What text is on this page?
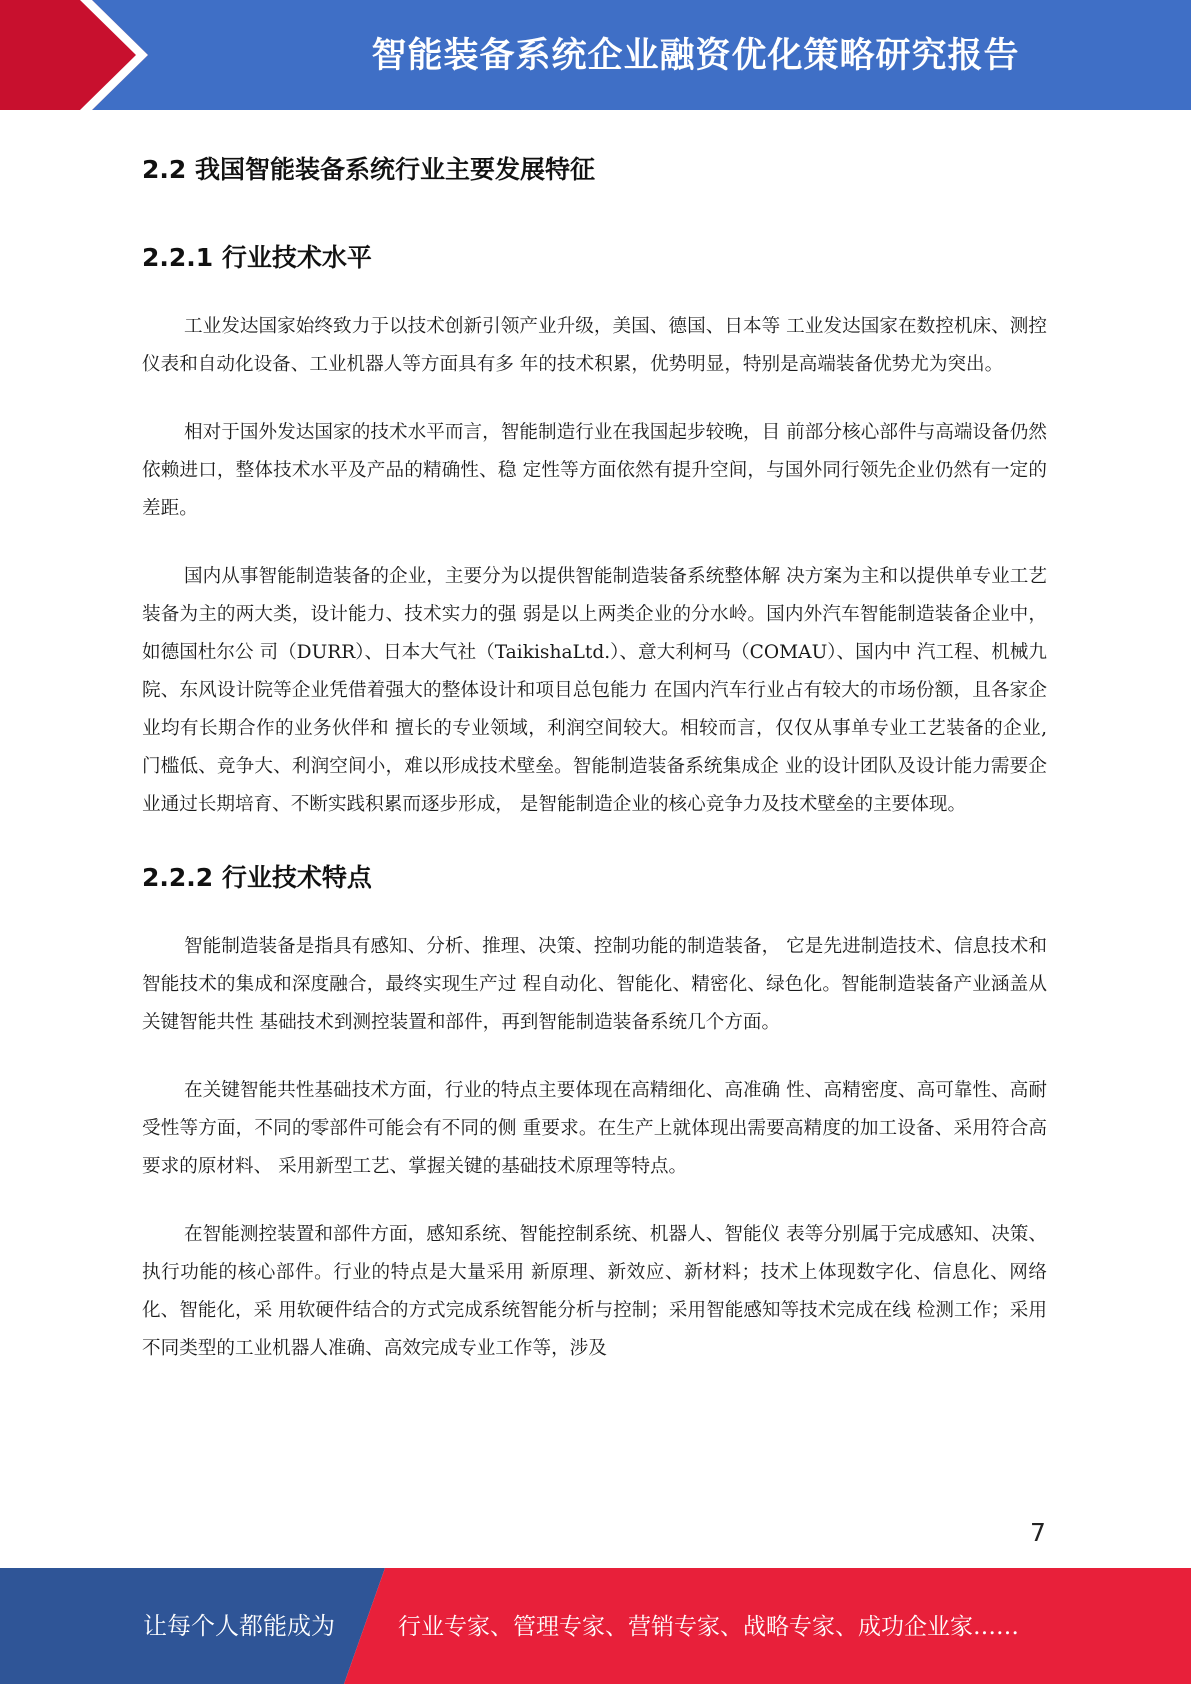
智能装备系统企业融资优化策略研究报告
2.2 我国智能装备系统行业主要发展特征
2.2.1 行业技术水平

工业发达国家始终致力于以技术创新引领产业升级，美国、德国、日本等 工业发达国家在数控机床、测控仪表和自动化设备、工业机器人等方面具有多 年的技术积累，优势明显，特别是高端装备优势尤为突出。

相对于国外发达国家的技术水平而言，智能制造行业在我国起步较晚，目 前部分核心部件与高端设备仍然依赖进口，整体技术水平及产品的精确性、稳 定性等方面依然有提升空间，与国外同行领先企业仍然有一定的差距。

国内从事智能制造装备的企业，主要分为以提供智能制造装备系统整体解 决方案为主和以提供单专业工艺装备为主的两大类，设计能力、技术实力的强 弱是以上两类企业的分水岭。国内外汽车智能制造装备企业中，如德国杜尔公 司（DURR）、日本大气社（TaikishaLtd.）、意大利柯马（COMAU）、国内中 汽工程、机械九院、东风设计院等企业凭借着强大的整体设计和项目总包能力 在国内汽车行业占有较大的市场份额，且各家企业均有长期合作的业务伙伴和 擅长的专业领域，利润空间较大。相较而言，仅仅从事单专业工艺装备的企业, 门槛低、竞争大、利润空间小，难以形成技术壁垒。智能制造装备系统集成企 业的设计团队及设计能力需要企业通过长期培育、不断实践积累而逐步形成， 是智能制造企业的核心竞争力及技术壁垒的主要体现。

2.2.2 行业技术特点

智能制造装备是指具有感知、分析、推理、决策、控制功能的制造装备， 它是先进制造技术、信息技术和智能技术的集成和深度融合，最终实现生产过 程自动化、智能化、精密化、绿色化。智能制造装备产业涵盖从关键智能共性 基础技术到测控装置和部件，再到智能制造装备系统几个方面。

在关键智能共性基础技术方面，行业的特点主要体现在高精细化、高准确 性、高精密度、高可靠性、高耐受性等方面，不同的零部件可能会有不同的侧 重要求。在生产上就体现出需要高精度的加工设备、采用符合高要求的原材料、 采用新型工艺、掌握关键的基础技术原理等特点。

在智能测控装置和部件方面，感知系统、智能控制系统、机器人、智能仪 表等分别属于完成感知、决策、执行功能的核心部件。行业的特点是大量采用 新原理、新效应、新材料；技术上体现数字化、信息化、网络化、智能化，采 用软硬件结合的方式完成系统智能分析与控制；采用智能感知等技术完成在线 检测工作；采用不同类型的工业机器人准确、高效完成专业工作等，涉及

7
让每个人都能成为	行业专家、管理专家、营销专家、战略专家、成功企业家……
